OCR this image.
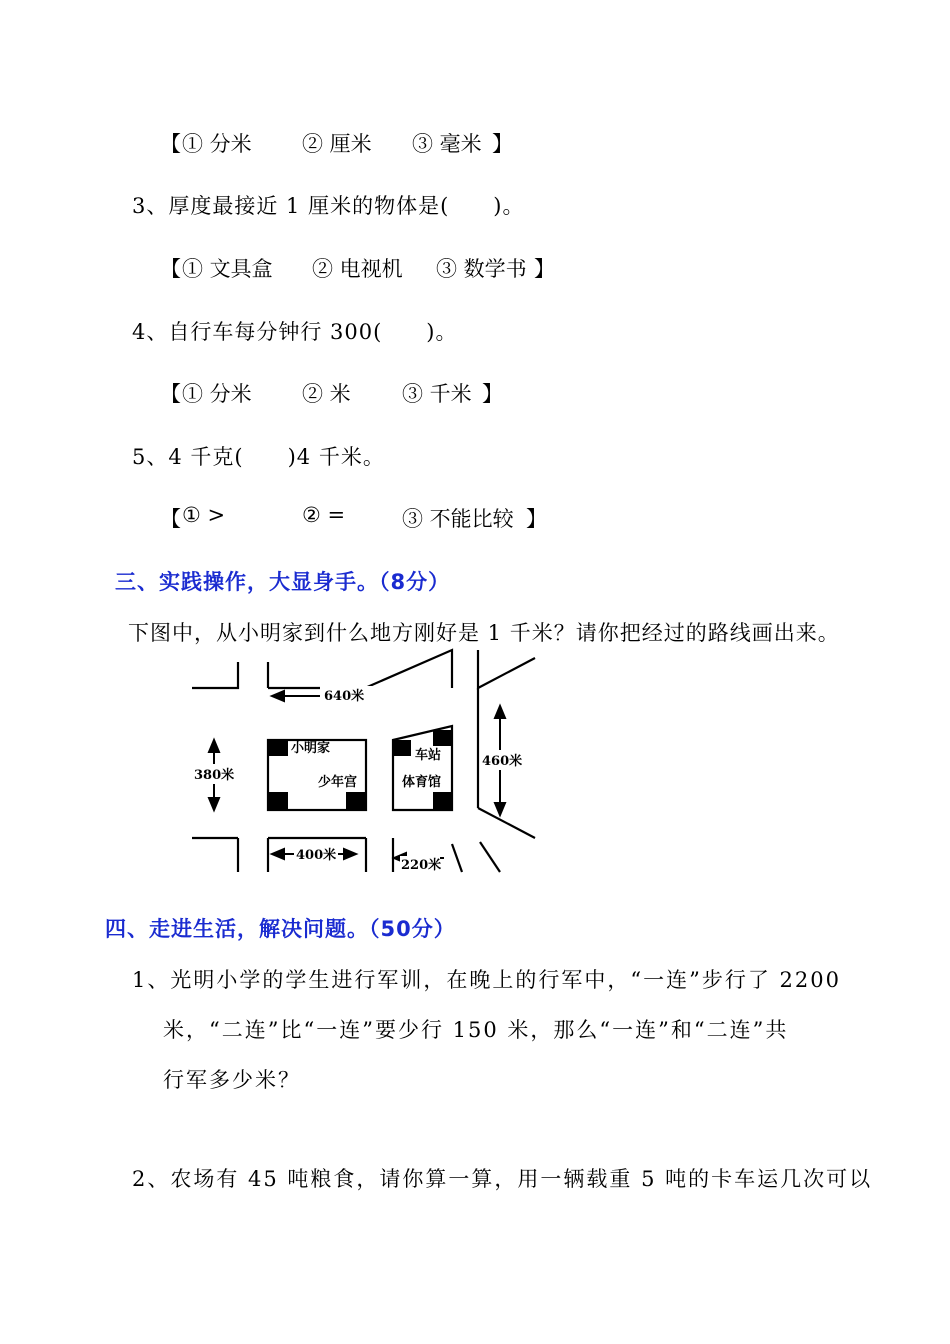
【 ① 分米 ② 厘米 ③ 毫米 】
3、厚度最接近 1 厘米的物体是(　　)。
【 ① 文具盒 ② 电视机 ③ 数学书 】
4、自行车每分钟行 300(　　)。
【 ① 分米 ② 米 ③ 千米 】
5、4 千克(　　)4 千米。
【 ① >	② =	③ 不能比较 】
三、实践操作，大显身手。（8分）
下图中，从小明家到什么地方刚好是 1 千米？请你把经过的路线画出来。
640米
380米
460米
400米
220米
小明家
少年宫
车站
体育馆
四、走进生活，解决问题。（50分）
1、光明小学的学生进行军训，在晚上的行军中，“一连”步行了 2200
米，“二连”比“一连”要少行 150 米，那么“一连”和“二连”共
行军多少米？
2、农场有 45 吨粮食，请你算一算，用一辆载重 5 吨的卡车运几次可以
